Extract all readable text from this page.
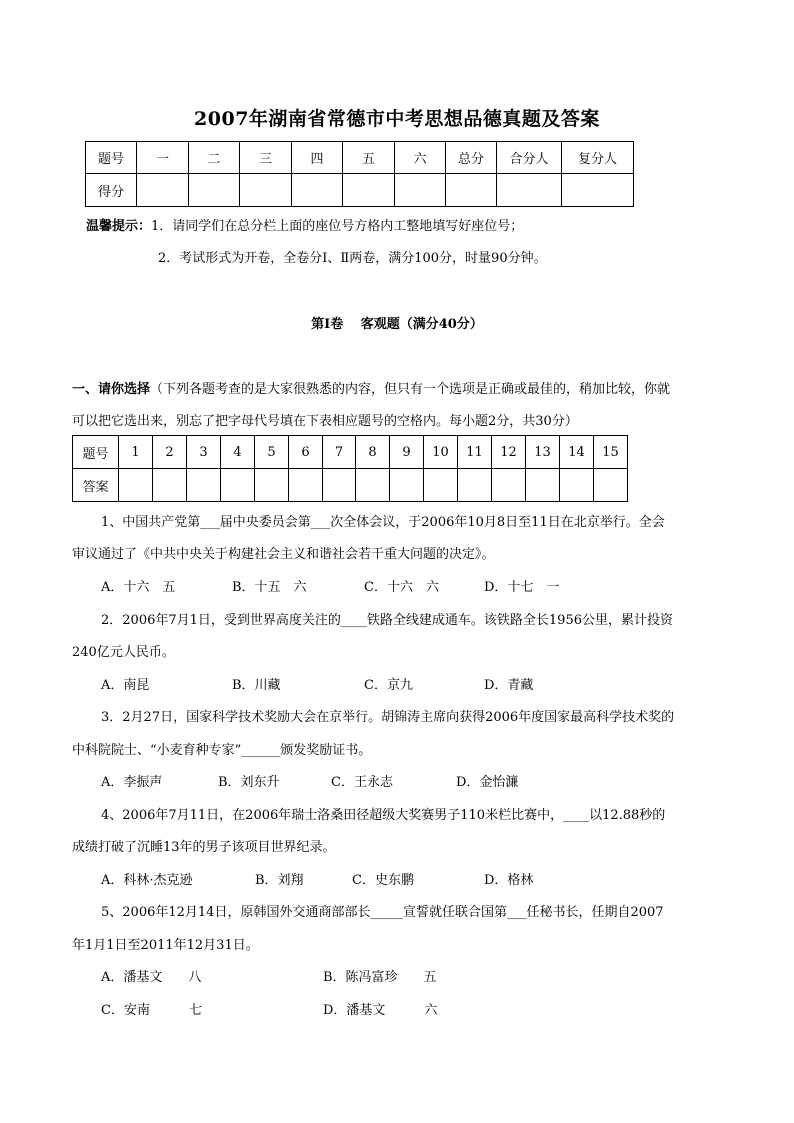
2007年湖南省常德市中考思想品德真题及答案
题号	一	二	三	四	五	六	总分	合分人	复分人
得分									
温馨提示：1．请同学们在总分栏上面的座位号方格内工整地填写好座位号；
2．考试形式为开卷，全卷分Ⅰ、Ⅱ两卷，满分100分，时量90分钟。
第Ⅰ卷　 客观题（满分40分）
一、请你选择（下列各题考查的是大家很熟悉的内容，但只有一个选项是正确或最佳的，稍加比较，你就
可以把它选出来，别忘了把字母代号填在下表相应题号的空格内。每小题2分，共30分）
题号	1	2	3	4	5	6	7	8	9	10	11	12	13	14	15
答案															
1、中国共产党第___届中央委员会第___次全体会议，于2006年10月8日至11日在北京举行。全会
审议通过了《中共中央关于构建社会主义和谐社会若干重大问题的决定》。
A．十六　五	B．十五　六	C．十六　六	D．十七　一
2．2006年7月1日，受到世界高度关注的____铁路全线建成通车。该铁路全长1956公里，累计投资
240亿元人民币。
A．南昆	B．川藏	C．京九	D．青藏
3．2月27日，国家科学技术奖励大会在京举行。胡锦涛主席向获得2006年度国家最高科学技术奖的
中科院院士、“小麦育种专家”______颁发奖励证书。
A．李振声	B．刘东升	C．王永志	D．金怡濂
4、2006年7月11日，在2006年瑞士洛桑田径超级大奖赛男子110米栏比赛中，____以12.88秒的
成绩打破了沉睡13年的男子该项目世界纪录。
A．科林·杰克逊	B．刘翔	C．史东鹏	D．格林
5、2006年12月14日，原韩国外交通商部部长_____宣誓就任联合国第___任秘书长，任期自2007
年1月1日至2011年12月31日。
A．潘基文　　八	B．陈冯富珍　　五
C．安南　　　七	D．潘基文　　　六
